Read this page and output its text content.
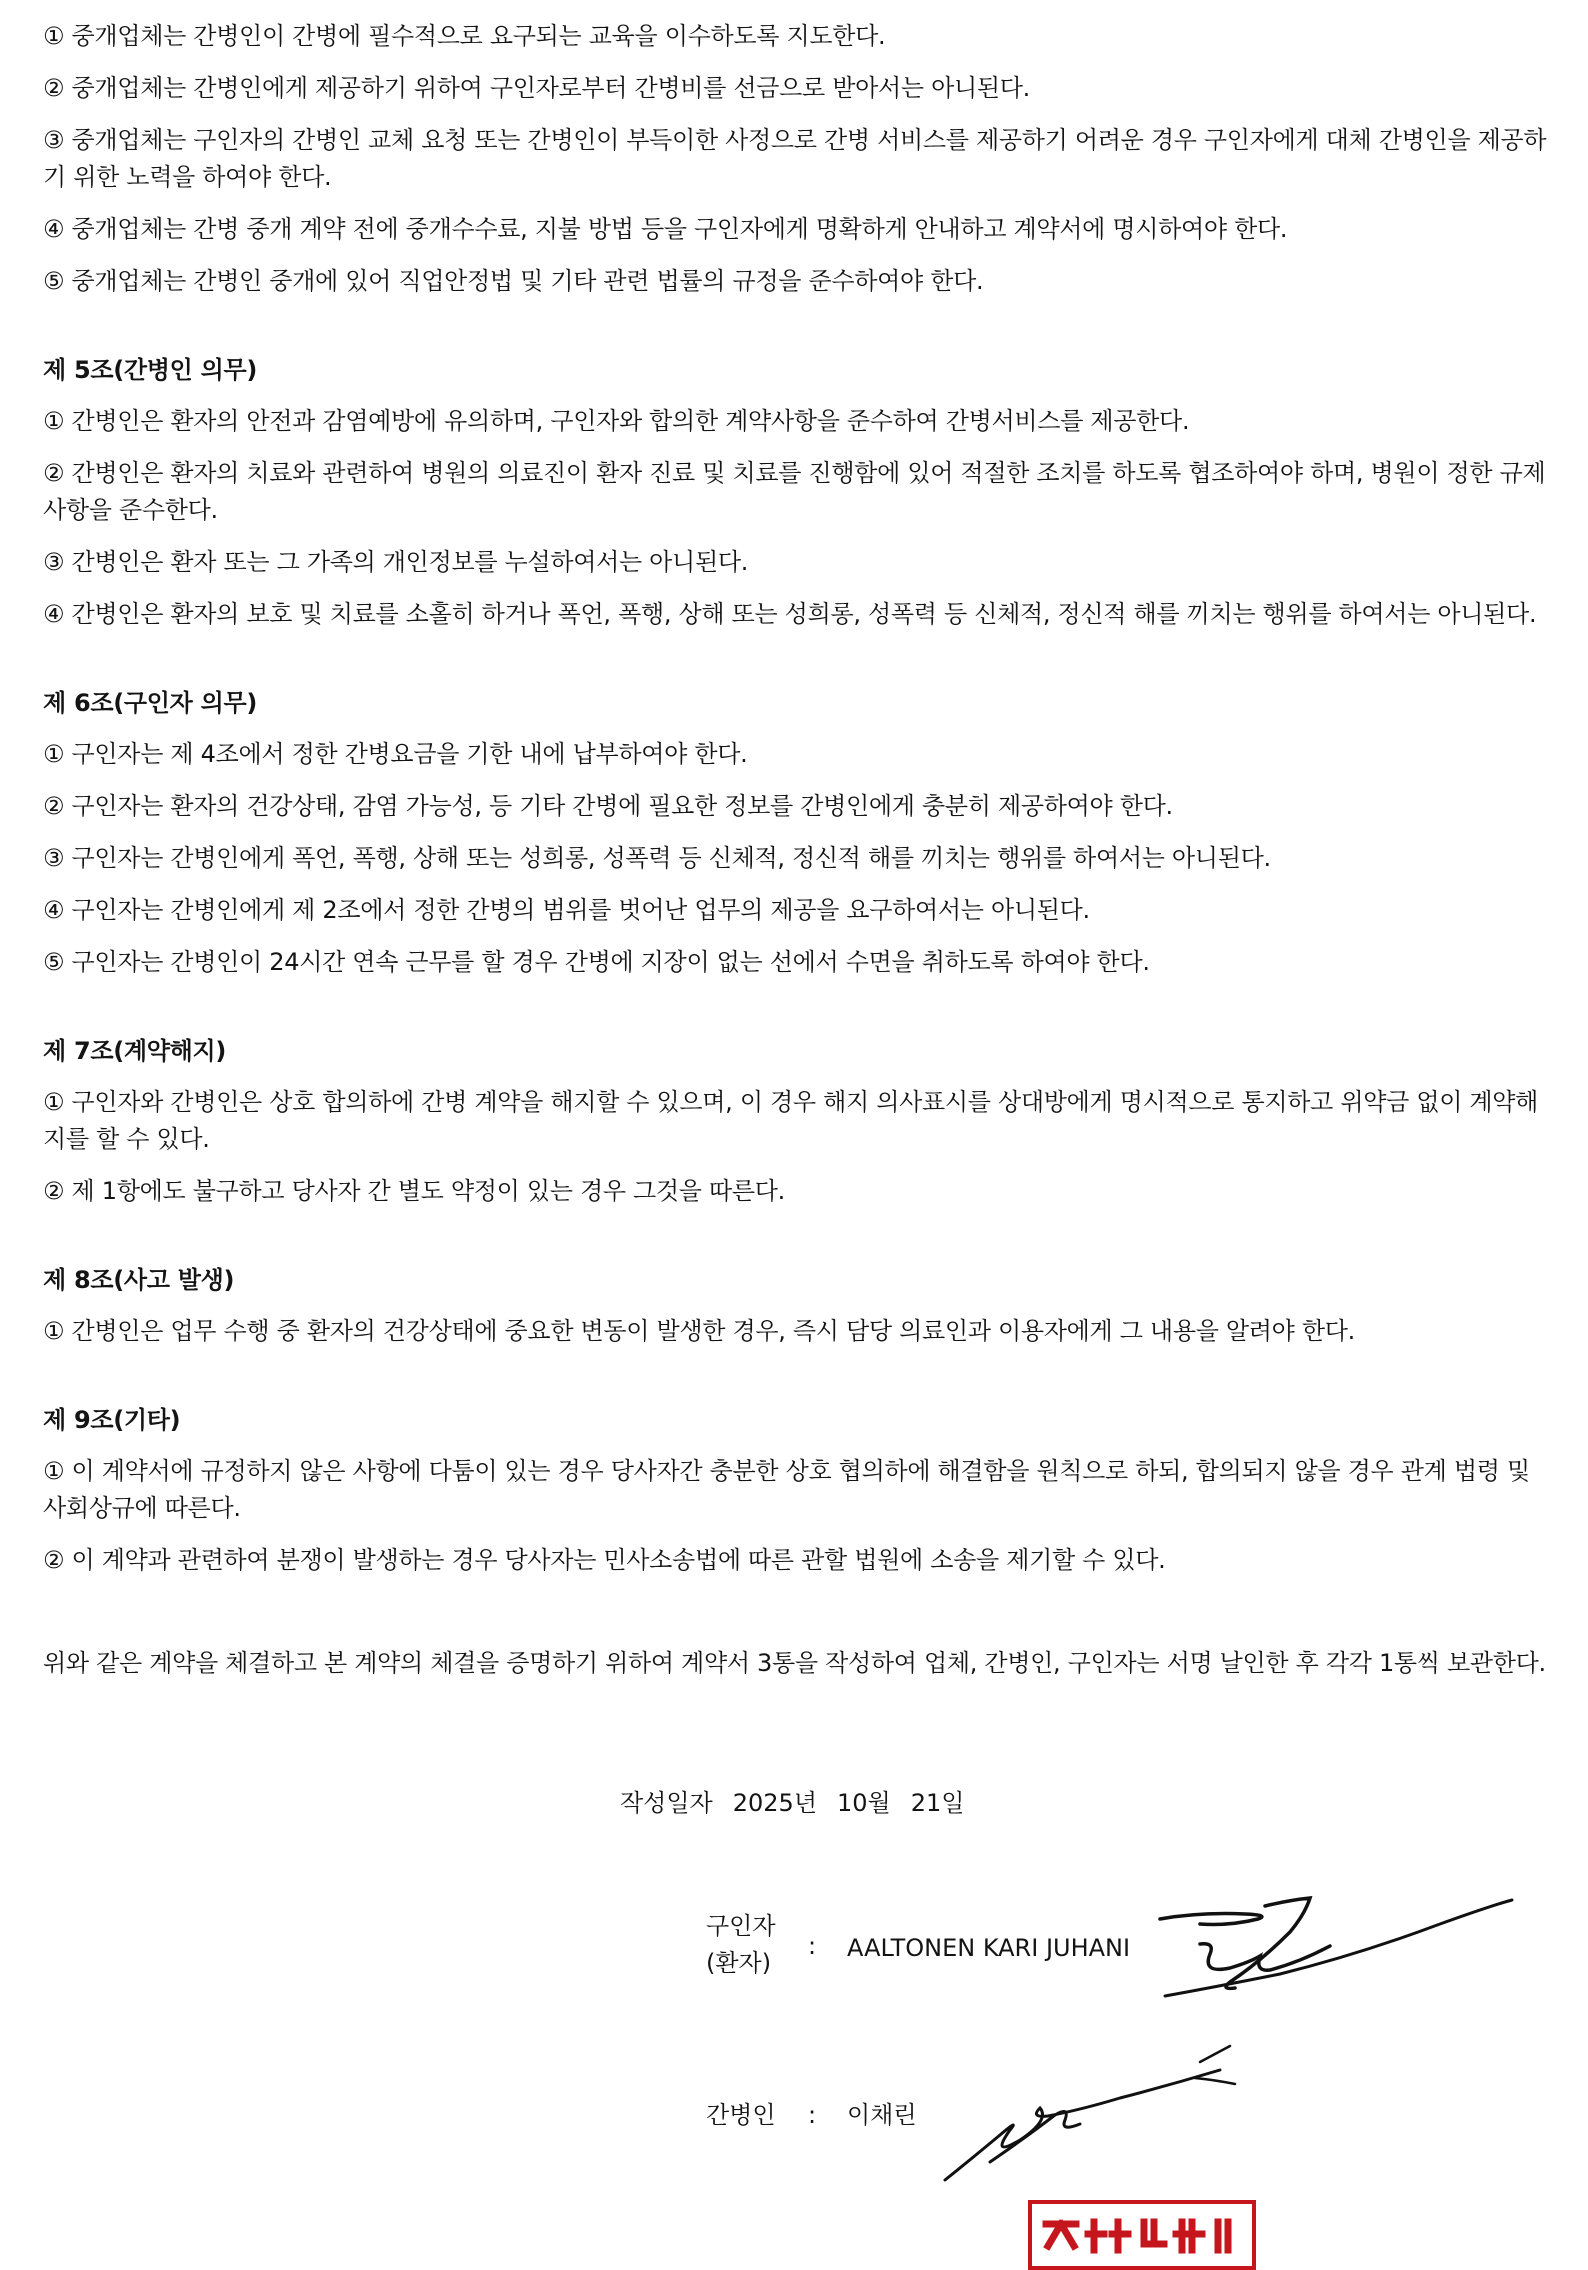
① 중개업체는 간병인이 간병에 필수적으로 요구되는 교육을 이수하도록 지도한다.

② 중개업체는 간병인에게 제공하기 위하여 구인자로부터 간병비를 선금으로 받아서는 아니된다.

③ 중개업체는 구인자의 간병인 교체 요청 또는 간병인이 부득이한 사정으로 간병 서비스를 제공하기 어려운 경우 구인자에게 대체 간병인을 제공하기 위한 노력을 하여야 한다.

④ 중개업체는 간병 중개 계약 전에 중개수수료, 지불 방법 등을 구인자에게 명확하게 안내하고 계약서에 명시하여야 한다.

⑤ 중개업체는 간병인 중개에 있어 직업안정법 및 기타 관련 법률의 규정을 준수하여야 한다.

제 5조(간병인 의무)

① 간병인은 환자의 안전과 감염예방에 유의하며, 구인자와 합의한 계약사항을 준수하여 간병서비스를 제공한다.

② 간병인은 환자의 치료와 관련하여 병원의 의료진이 환자 진료 및 치료를 진행함에 있어 적절한 조치를 하도록 협조하여야 하며, 병원이 정한 규제사항을 준수한다.

③ 간병인은 환자 또는 그 가족의 개인정보를 누설하여서는 아니된다.

④ 간병인은 환자의 보호 및 치료를 소홀히 하거나 폭언, 폭행, 상해 또는 성희롱, 성폭력 등 신체적, 정신적 해를 끼치는 행위를 하여서는 아니된다.

제 6조(구인자 의무)

① 구인자는 제 4조에서 정한 간병요금을 기한 내에 납부하여야 한다.

② 구인자는 환자의 건강상태, 감염 가능성, 등 기타 간병에 필요한 정보를 간병인에게 충분히 제공하여야 한다.

③ 구인자는 간병인에게 폭언, 폭행, 상해 또는 성희롱, 성폭력 등 신체적, 정신적 해를 끼치는 행위를 하여서는 아니된다.

④ 구인자는 간병인에게 제 2조에서 정한 간병의 범위를 벗어난 업무의 제공을 요구하여서는 아니된다.

⑤ 구인자는 간병인이 24시간 연속 근무를 할 경우 간병에 지장이 없는 선에서 수면을 취하도록 하여야 한다.

제 7조(계약해지)

① 구인자와 간병인은 상호 합의하에 간병 계약을 해지할 수 있으며, 이 경우 해지 의사표시를 상대방에게 명시적으로 통지하고 위약금 없이 계약해지를 할 수 있다.

② 제 1항에도 불구하고 당사자 간 별도 약정이 있는 경우 그것을 따른다.

제 8조(사고 발생)

① 간병인은 업무 수행 중 환자의 건강상태에 중요한 변동이 발생한 경우, 즉시 담당 의료인과 이용자에게 그 내용을 알려야 한다.

제 9조(기타)

① 이 계약서에 규정하지 않은 사항에 다툼이 있는 경우 당사자간 충분한 상호 협의하에 해결함을 원칙으로 하되, 합의되지 않을 경우 관계 법령 및 사회상규에 따른다.

② 이 계약과 관련하여 분쟁이 발생하는 경우 당사자는 민사소송법에 따른 관할 법원에 소송을 제기할 수 있다.

위와 같은 계약을 체결하고 본 계약의 체결을 증명하기 위하여 계약서 3통을 작성하여 업체, 간병인, 구인자는 서명 날인한 후 각각 1통씩 보관한다.

작성일자 2025년 10월 21일
구인자
(환자)
: AALTONEN KARI JUHANI
간병인	: 이채린
